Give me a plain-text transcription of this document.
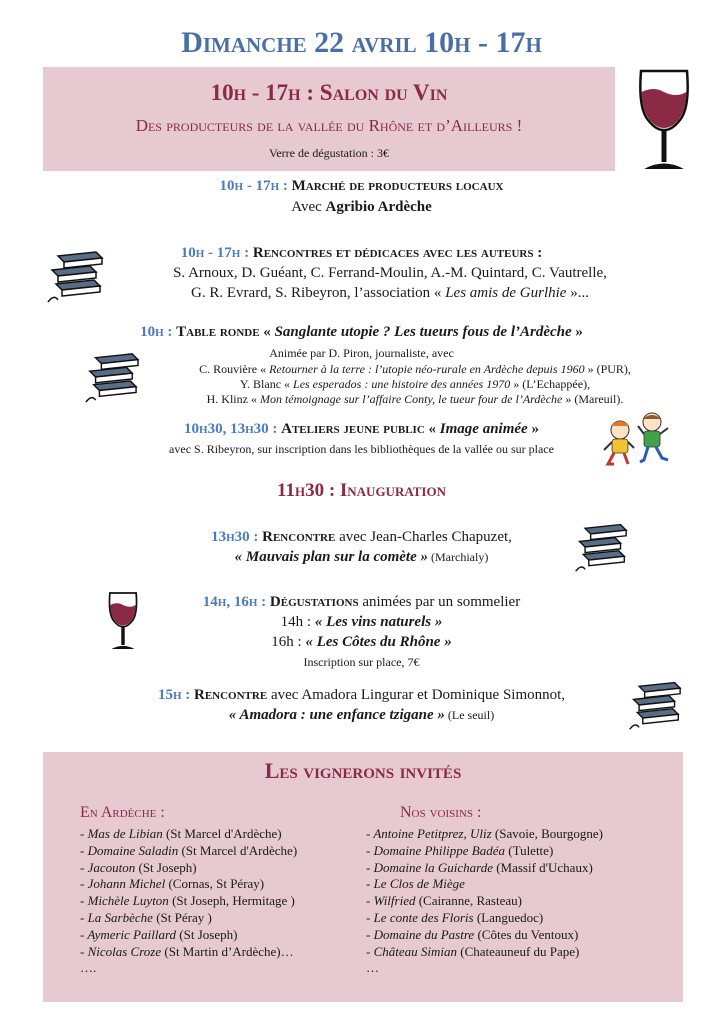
Dimanche 22 avril 10h - 17h
10h - 17h : Salon du Vin
Des producteurs de la vallée du Rhône et d’Ailleurs !
Verre de dégustation : 3€
10h - 17h : Marché de producteurs locaux
Avec Agribio Ardèche
10h - 17h : Rencontres et dédicaces avec les auteurs :
S. Arnoux, D. Guéant, C. Ferrand-Moulin, A.-M. Quintard, C. Vautrelle,
G. R. Evrard, S. Ribeyron, l’association « Les amis de Gurlhie »...
10h : Table ronde « Sanglante utopie ? Les tueurs fous de l’Ardèche »
Animée par D. Piron, journaliste, avec
C. Rouvière « Retourner à la terre : l’utopie néo-rurale en Ardèche depuis 1960 » (PUR),
Y. Blanc « Les esperados : une histoire des années 1970 » (L’Echappée),
H. Klinz « Mon témoignage sur l’affaire Conty, le tueur four de l’Ardèche » (Mareuil).
10h30, 13h30 : Ateliers jeune public « Image animée »
avec S. Ribeyron, sur inscription dans les bibliothèques de la vallée ou sur place
11h30 : Inauguration
13h30 : Rencontre avec Jean-Charles Chapuzet,
« Mauvais plan sur la comète » (Marchialy)
14h, 16h : Dégustations animées par un sommelier
14h : « Les vins naturels »
16h : « Les Côtes du Rhône »
Inscription sur place, 7€
15h : Rencontre avec Amadora Lingurar et Dominique Simonnot,
« Amadora : une enfance tzigane » (Le seuil)
Les vignerons invités
En Ardèche :	Nos voisins :
- Mas de Libian (St Marcel d'Ardèche)
- Domaine Saladin (St Marcel d'Ardèche)
- Jacouton (St Joseph)
- Johann Michel (Cornas, St Péray)
- Michèle Luyton (St Joseph, Hermitage )
- La Sarbèche (St Péray )
- Aymeric Paillard (St Joseph)
- Nicolas Croze (St Martin d’Ardèche)…
….
- Antoine Petitprez, Uliz (Savoie, Bourgogne)
- Domaine Philippe Badéa (Tulette)
- Domaine la Guicharde (Massif d'Uchaux)
- Le Clos de Miège
- Wilfried (Cairanne, Rasteau)
- Le conte des Floris (Languedoc)
- Domaine du Pastre (Côtes du Ventoux)
- Château Simian (Chateauneuf du Pape)
…
